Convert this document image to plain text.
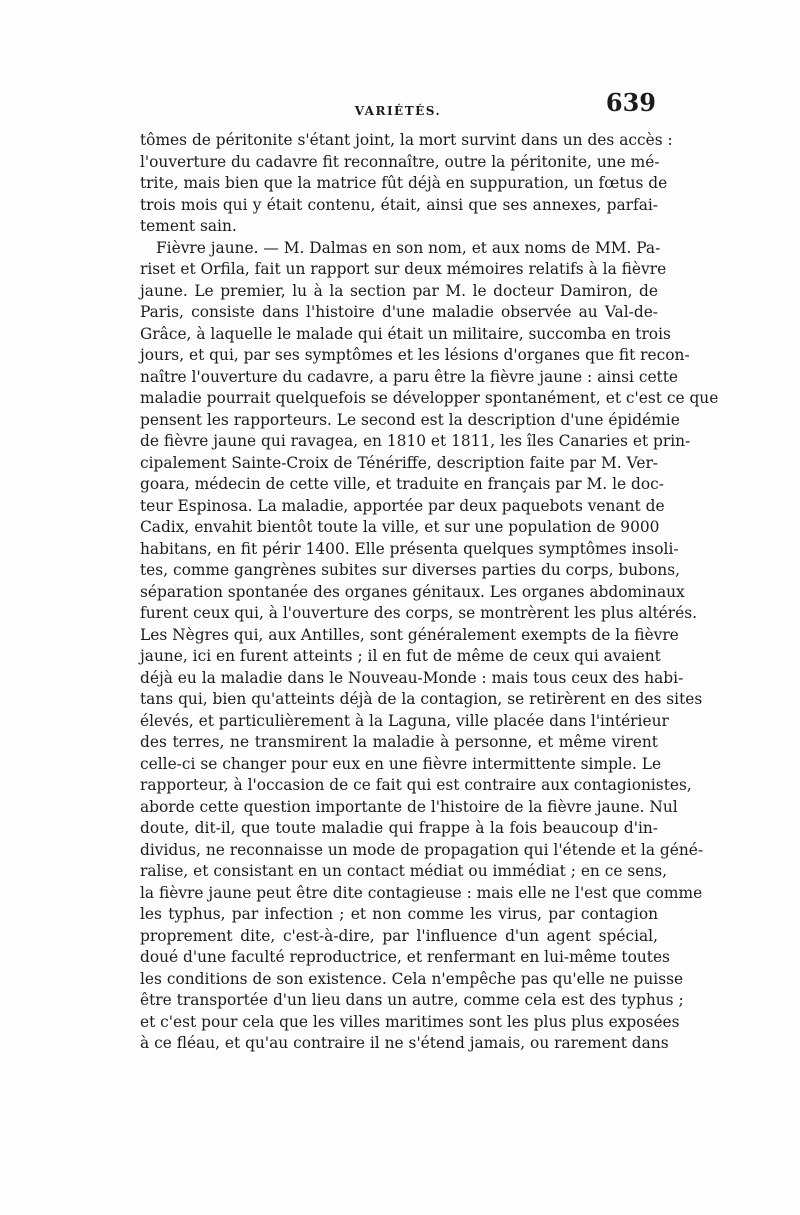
VARIÉTÉS.	639
tômes de péritonite s'étant joint, la mort survint dans un des accès :
l'ouverture du cadavre fit reconnaître, outre la péritonite, une mé-
trite, mais bien que la matrice fût déjà en suppuration, un fœtus de
trois mois qui y était contenu, était, ainsi que ses annexes, parfai-
tement sain.
Fièvre jaune. — M. Dalmas en son nom, et aux noms de MM. Pa-
riset et Orfila, fait un rapport sur deux mémoires relatifs à la fièvre
jaune. Le premier, lu à la section par M. le docteur Damiron, de
Paris, consiste dans l'histoire d'une maladie observée au Val-de-
Grâce, à laquelle le malade qui était un militaire, succomba en trois
jours, et qui, par ses symptômes et les lésions d'organes que fit recon-
naître l'ouverture du cadavre, a paru être la fièvre jaune : ainsi cette
maladie pourrait quelquefois se développer spontanément, et c'est ce que
pensent les rapporteurs. Le second est la description d'une épidémie
de fièvre jaune qui ravagea, en 1810 et 1811, les îles Canaries et prin-
cipalement Sainte-Croix de Ténériffe, description faite par M. Ver-
goara, médecin de cette ville, et traduite en français par M. le doc-
teur Espinosa. La maladie, apportée par deux paquebots venant de
Cadix, envahit bientôt toute la ville, et sur une population de 9000
habitans, en fit périr 1400. Elle présenta quelques symptômes insoli-
tes, comme gangrènes subites sur diverses parties du corps, bubons,
séparation spontanée des organes génitaux. Les organes abdominaux
furent ceux qui, à l'ouverture des corps, se montrèrent les plus altérés.
Les Nègres qui, aux Antilles, sont généralement exempts de la fièvre
jaune, ici en furent atteints ; il en fut de même de ceux qui avaient
déjà eu la maladie dans le Nouveau-Monde : mais tous ceux des habi-
tans qui, bien qu'atteints déjà de la contagion, se retirèrent en des sites
élevés, et particulièrement à la Laguna, ville placée dans l'intérieur
des terres, ne transmirent la maladie à personne, et même virent
celle-ci se changer pour eux en une fièvre intermittente simple. Le
rapporteur, à l'occasion de ce fait qui est contraire aux contagionistes,
aborde cette question importante de l'histoire de la fièvre jaune. Nul
doute, dit-il, que toute maladie qui frappe à la fois beaucoup d'in-
dividus, ne reconnaisse un mode de propagation qui l'étende et la géné-
ralise, et consistant en un contact médiat ou immédiat ; en ce sens,
la fièvre jaune peut être dite contagieuse : mais elle ne l'est que comme
les typhus, par infection ; et non comme les virus, par contagion
proprement dite, c'est-à-dire, par l'influence d'un agent spécial,
doué d'une faculté reproductrice, et renfermant en lui-même toutes
les conditions de son existence. Cela n'empêche pas qu'elle ne puisse
être transportée d'un lieu dans un autre, comme cela est des typhus ;
et c'est pour cela que les villes maritimes sont les plus plus exposées
à ce fléau, et qu'au contraire il ne s'étend jamais, ou rarement dans
